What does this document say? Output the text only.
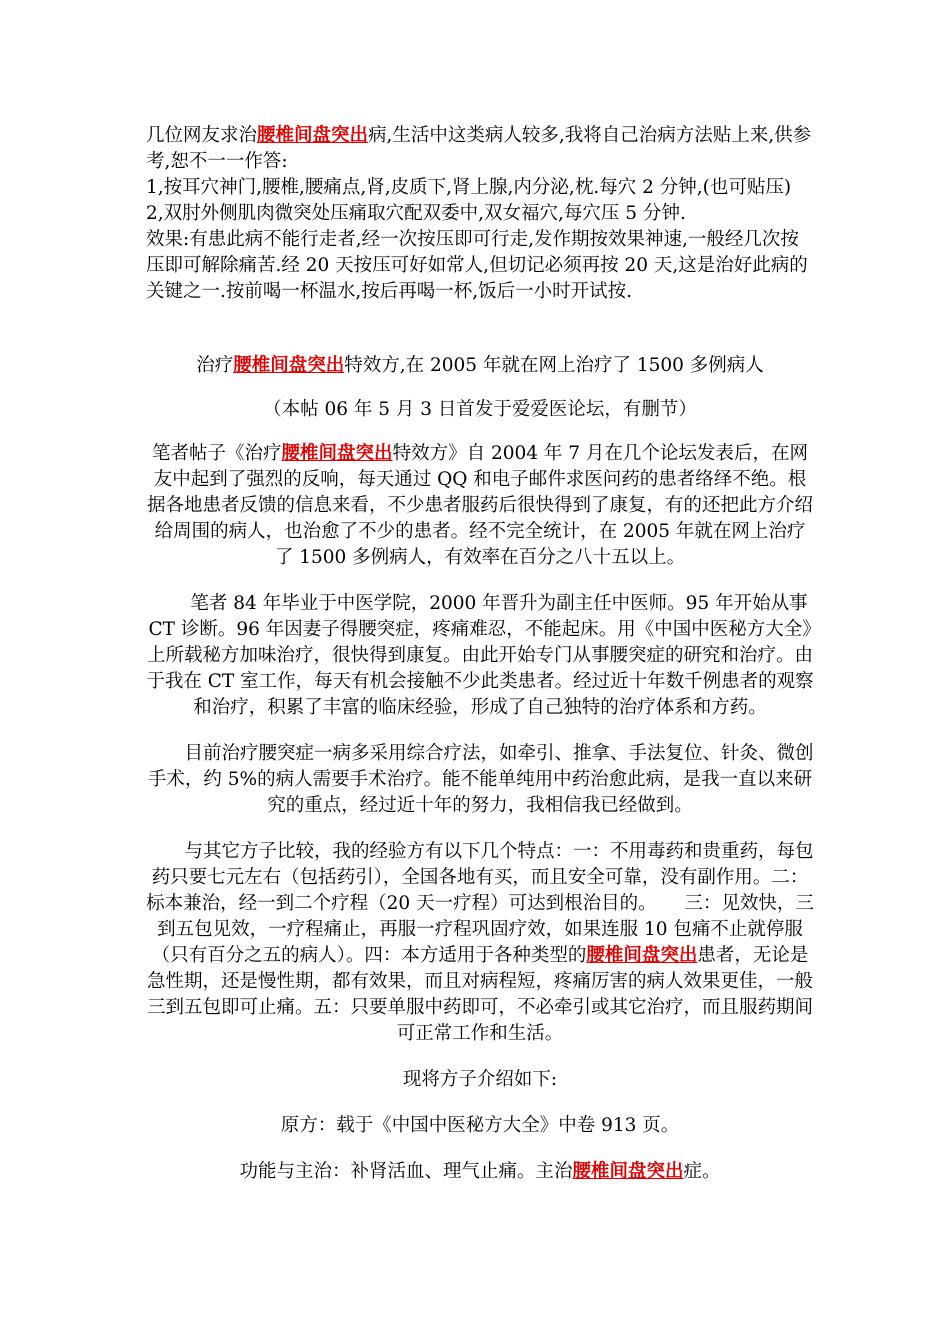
几位网友求治腰椎间盘突出病,生活中这类病人较多,我将自己治病方法贴上来,供参考,恕不一一作答:

1,按耳穴神门,腰椎,腰痛点,肾,皮质下,肾上腺,内分泌,枕.每穴 2 分钟,(也可贴压)

2,双肘外侧肌肉微突处压痛取穴配双委中,双女福穴,每穴压 5 分钟.

效果:有患此病不能行走者,经一次按压即可行走,发作期按效果神速,一般经几次按压即可解除痛苦.经 20 天按压可好如常人,但切记必须再按 20 天,这是治好此病的关键之一.按前喝一杯温水,按后再喝一杯,饭后一小时开试按.

治疗腰椎间盘突出特效方,在 2005 年就在网上治疗了 1500 多例病人

（本帖 06 年 5 月 3 日首发于爱爱医论坛，有删节）

笔者帖子《治疗腰椎间盘突出特效方》自 2004 年 7 月在几个论坛发表后，在网友中起到了强烈的反响，每天通过 QQ 和电子邮件求医问药的患者络绎不绝。根据各地患者反馈的信息来看，不少患者服药后很快得到了康复，有的还把此方介绍给周围的病人，也治愈了不少的患者。经不完全统计，在 2005 年就在网上治疗了 1500 多例病人，有效率在百分之八十五以上。

笔者 84 年毕业于中医学院，2000 年晋升为副主任中医师。95 年开始从事 CT 诊断。96 年因妻子得腰突症，疼痛难忍，不能起床。用《中国中医秘方大全》上所载秘方加味治疗，很快得到康复。由此开始专门从事腰突症的研究和治疗。由于我在 CT 室工作，每天有机会接触不少此类患者。经过近十年数千例患者的观察和治疗，积累了丰富的临床经验，形成了自己独特的治疗体系和方药。

目前治疗腰突症一病多采用综合疗法，如牵引、推拿、手法复位、针灸、微创手术，约 5%的病人需要手术治疗。能不能单纯用中药治愈此病，是我一直以来研究的重点，经过近十年的努力，我相信我已经做到。

与其它方子比较，我的经验方有以下几个特点：一：不用毒药和贵重药，每包药只要七元左右（包括药引），全国各地有买，而且安全可靠，没有副作用。二：标本兼治，经一到二个疗程（20 天一疗程）可达到根治目的。　　三：见效快，三到五包见效，一疗程痛止，再服一疗程巩固疗效，如果连服 10 包痛不止就停服（只有百分之五的病人）。四：本方适用于各种类型的腰椎间盘突出患者，无论是急性期，还是慢性期，都有效果，而且对病程短，疼痛厉害的病人效果更佳，一般三到五包即可止痛。五：只要单服中药即可，不必牵引或其它治疗，而且服药期间可正常工作和生活。

现将方子介绍如下:

原方：载于《中国中医秘方大全》中卷 913 页。

功能与主治：补肾活血、理气止痛。主治腰椎间盘突出症。
